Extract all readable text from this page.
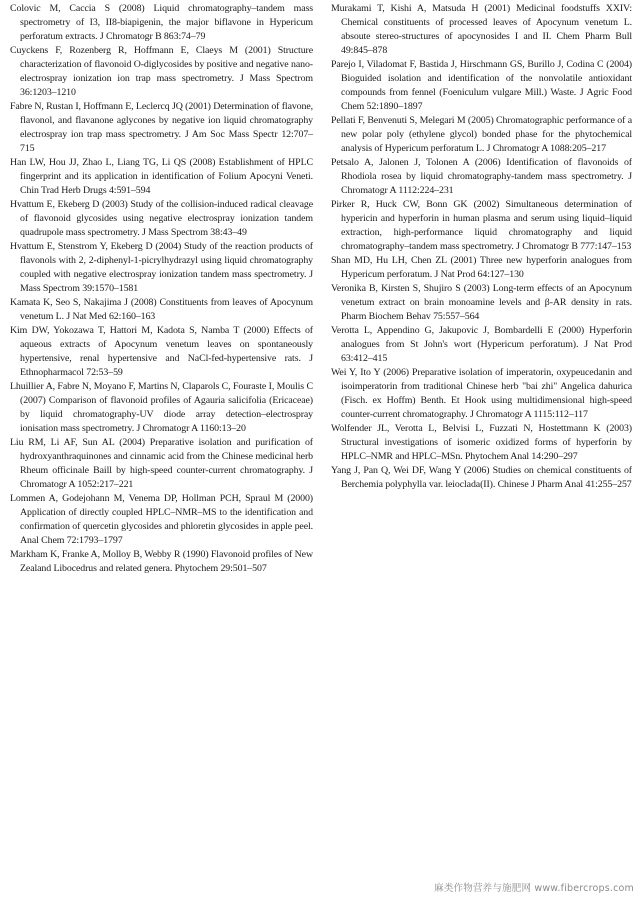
Colovic M, Caccia S (2008) Liquid chromatography–tandem mass spectrometry of I3, II8-biapigenin, the major biflavone in Hypericum perforatum extracts. J Chromatogr B 863:74–79

Cuyckens F, Rozenberg R, Hoffmann E, Claeys M (2001) Structure characterization of flavonoid O-diglycosides by positive and negative nano-electrospray ionization ion trap mass spectrometry. J Mass Spectrom 36:1203–1210

Fabre N, Rustan I, Hoffmann E, Leclercq JQ (2001) Determination of flavone, flavonol, and flavanone aglycones by negative ion liquid chromatography electrospray ion trap mass spectrometry. J Am Soc Mass Spectr 12:707–715

Han LW, Hou JJ, Zhao L, Liang TG, Li QS (2008) Establishment of HPLC fingerprint and its application in identification of Folium Apocyni Veneti. Chin Trad Herb Drugs 4:591–594

Hvattum E, Ekeberg D (2003) Study of the collision-induced radical cleavage of flavonoid glycosides using negative electrospray ionization tandem quadrupole mass spectrometry. J Mass Spectrom 38:43–49

Hvattum E, Stenstrom Y, Ekeberg D (2004) Study of the reaction products of flavonols with 2, 2-diphenyl-1-picrylhydrazyl using liquid chromatography coupled with negative electrospray ionization tandem mass spectrometry. J Mass Spectrom 39:1570–1581

Kamata K, Seo S, Nakajima J (2008) Constituents from leaves of Apocynum venetum L. J Nat Med 62:160–163

Kim DW, Yokozawa T, Hattori M, Kadota S, Namba T (2000) Effects of aqueous extracts of Apocynum venetum leaves on spontaneously hypertensive, renal hypertensive and NaCl-fed-hypertensive rats. J Ethnopharmacol 72:53–59

Lhuillier A, Fabre N, Moyano F, Martins N, Claparols C, Fouraste I, Moulis C (2007) Comparison of flavonoid profiles of Agauria salicifolia (Ericaceae) by liquid chromatography-UV diode array detection–electrospray ionisation mass spectrometry. J Chromatogr A 1160:13–20

Liu RM, Li AF, Sun AL (2004) Preparative isolation and purification of hydroxyanthraquinones and cinnamic acid from the Chinese medicinal herb Rheum officinale Baill by high-speed counter-current chromatography. J Chromatogr A 1052:217–221

Lommen A, Godejohann M, Venema DP, Hollman PCH, Spraul M (2000) Application of directly coupled HPLC–NMR–MS to the identification and confirmation of quercetin glycosides and phloretin glycosides in apple peel. Anal Chem 72:1793–1797

Markham K, Franke A, Molloy B, Webby R (1990) Flavonoid profiles of New Zealand Libocedrus and related genera. Phytochem 29:501–507

Murakami T, Kishi A, Matsuda H (2001) Medicinal foodstuffs XXIV: Chemical constituents of processed leaves of Apocynum venetum L. absoute stereo-structures of apocynosides I and II. Chem Pharm Bull 49:845–878

Parejo I, Viladomat F, Bastida J, Hirschmann GS, Burillo J, Codina C (2004) Bioguided isolation and identification of the nonvolatile antioxidant compounds from fennel (Foeniculum vulgare Mill.) Waste. J Agric Food Chem 52:1890–1897

Pellati F, Benvenuti S, Melegari M (2005) Chromatographic performance of a new polar poly (ethylene glycol) bonded phase for the phytochemical analysis of Hypericum perforatum L. J Chromatogr A 1088:205–217

Petsalo A, Jalonen J, Tolonen A (2006) Identification of flavonoids of Rhodiola rosea by liquid chromatography-tandem mass spectrometry. J Chromatogr A 1112:224–231

Pirker R, Huck CW, Bonn GK (2002) Simultaneous determination of hypericin and hyperforin in human plasma and serum using liquid–liquid extraction, high-performance liquid chromatography and liquid chromatography–tandem mass spectrometry. J Chromatogr B 777:147–153

Shan MD, Hu LH, Chen ZL (2001) Three new hyperforin analogues from Hypericum perforatum. J Nat Prod 64:127–130

Veronika B, Kirsten S, Shujiro S (2003) Long-term effects of an Apocynum venetum extract on brain monoamine levels and β-AR density in rats. Pharm Biochem Behav 75:557–564

Verotta L, Appendino G, Jakupovic J, Bombardelli E (2000) Hyperforin analogues from St John's wort (Hypericum perforatum). J Nat Prod 63:412–415

Wei Y, Ito Y (2006) Preparative isolation of imperatorin, oxypeucedanin and isoimperatorin from traditional Chinese herb "bai zhi" Angelica dahurica (Fisch. ex Hoffm) Benth. Et Hook using multidimensional high-speed counter-current chromatography. J Chromatogr A 1115:112–117

Wolfender JL, Verotta L, Belvisi L, Fuzzati N, Hostettmann K (2003) Structural investigations of isomeric oxidized forms of hyperforin by HPLC–NMR and HPLC–MSn. Phytochem Anal 14:290–297

Yang J, Pan Q, Wei DF, Wang Y (2006) Studies on chemical constituents of Berchemia polyphylla var. leioclada(II). Chinese J Pharm Anal 41:255–257

麻类作物营养与施肥网 www.fibercrops.com
